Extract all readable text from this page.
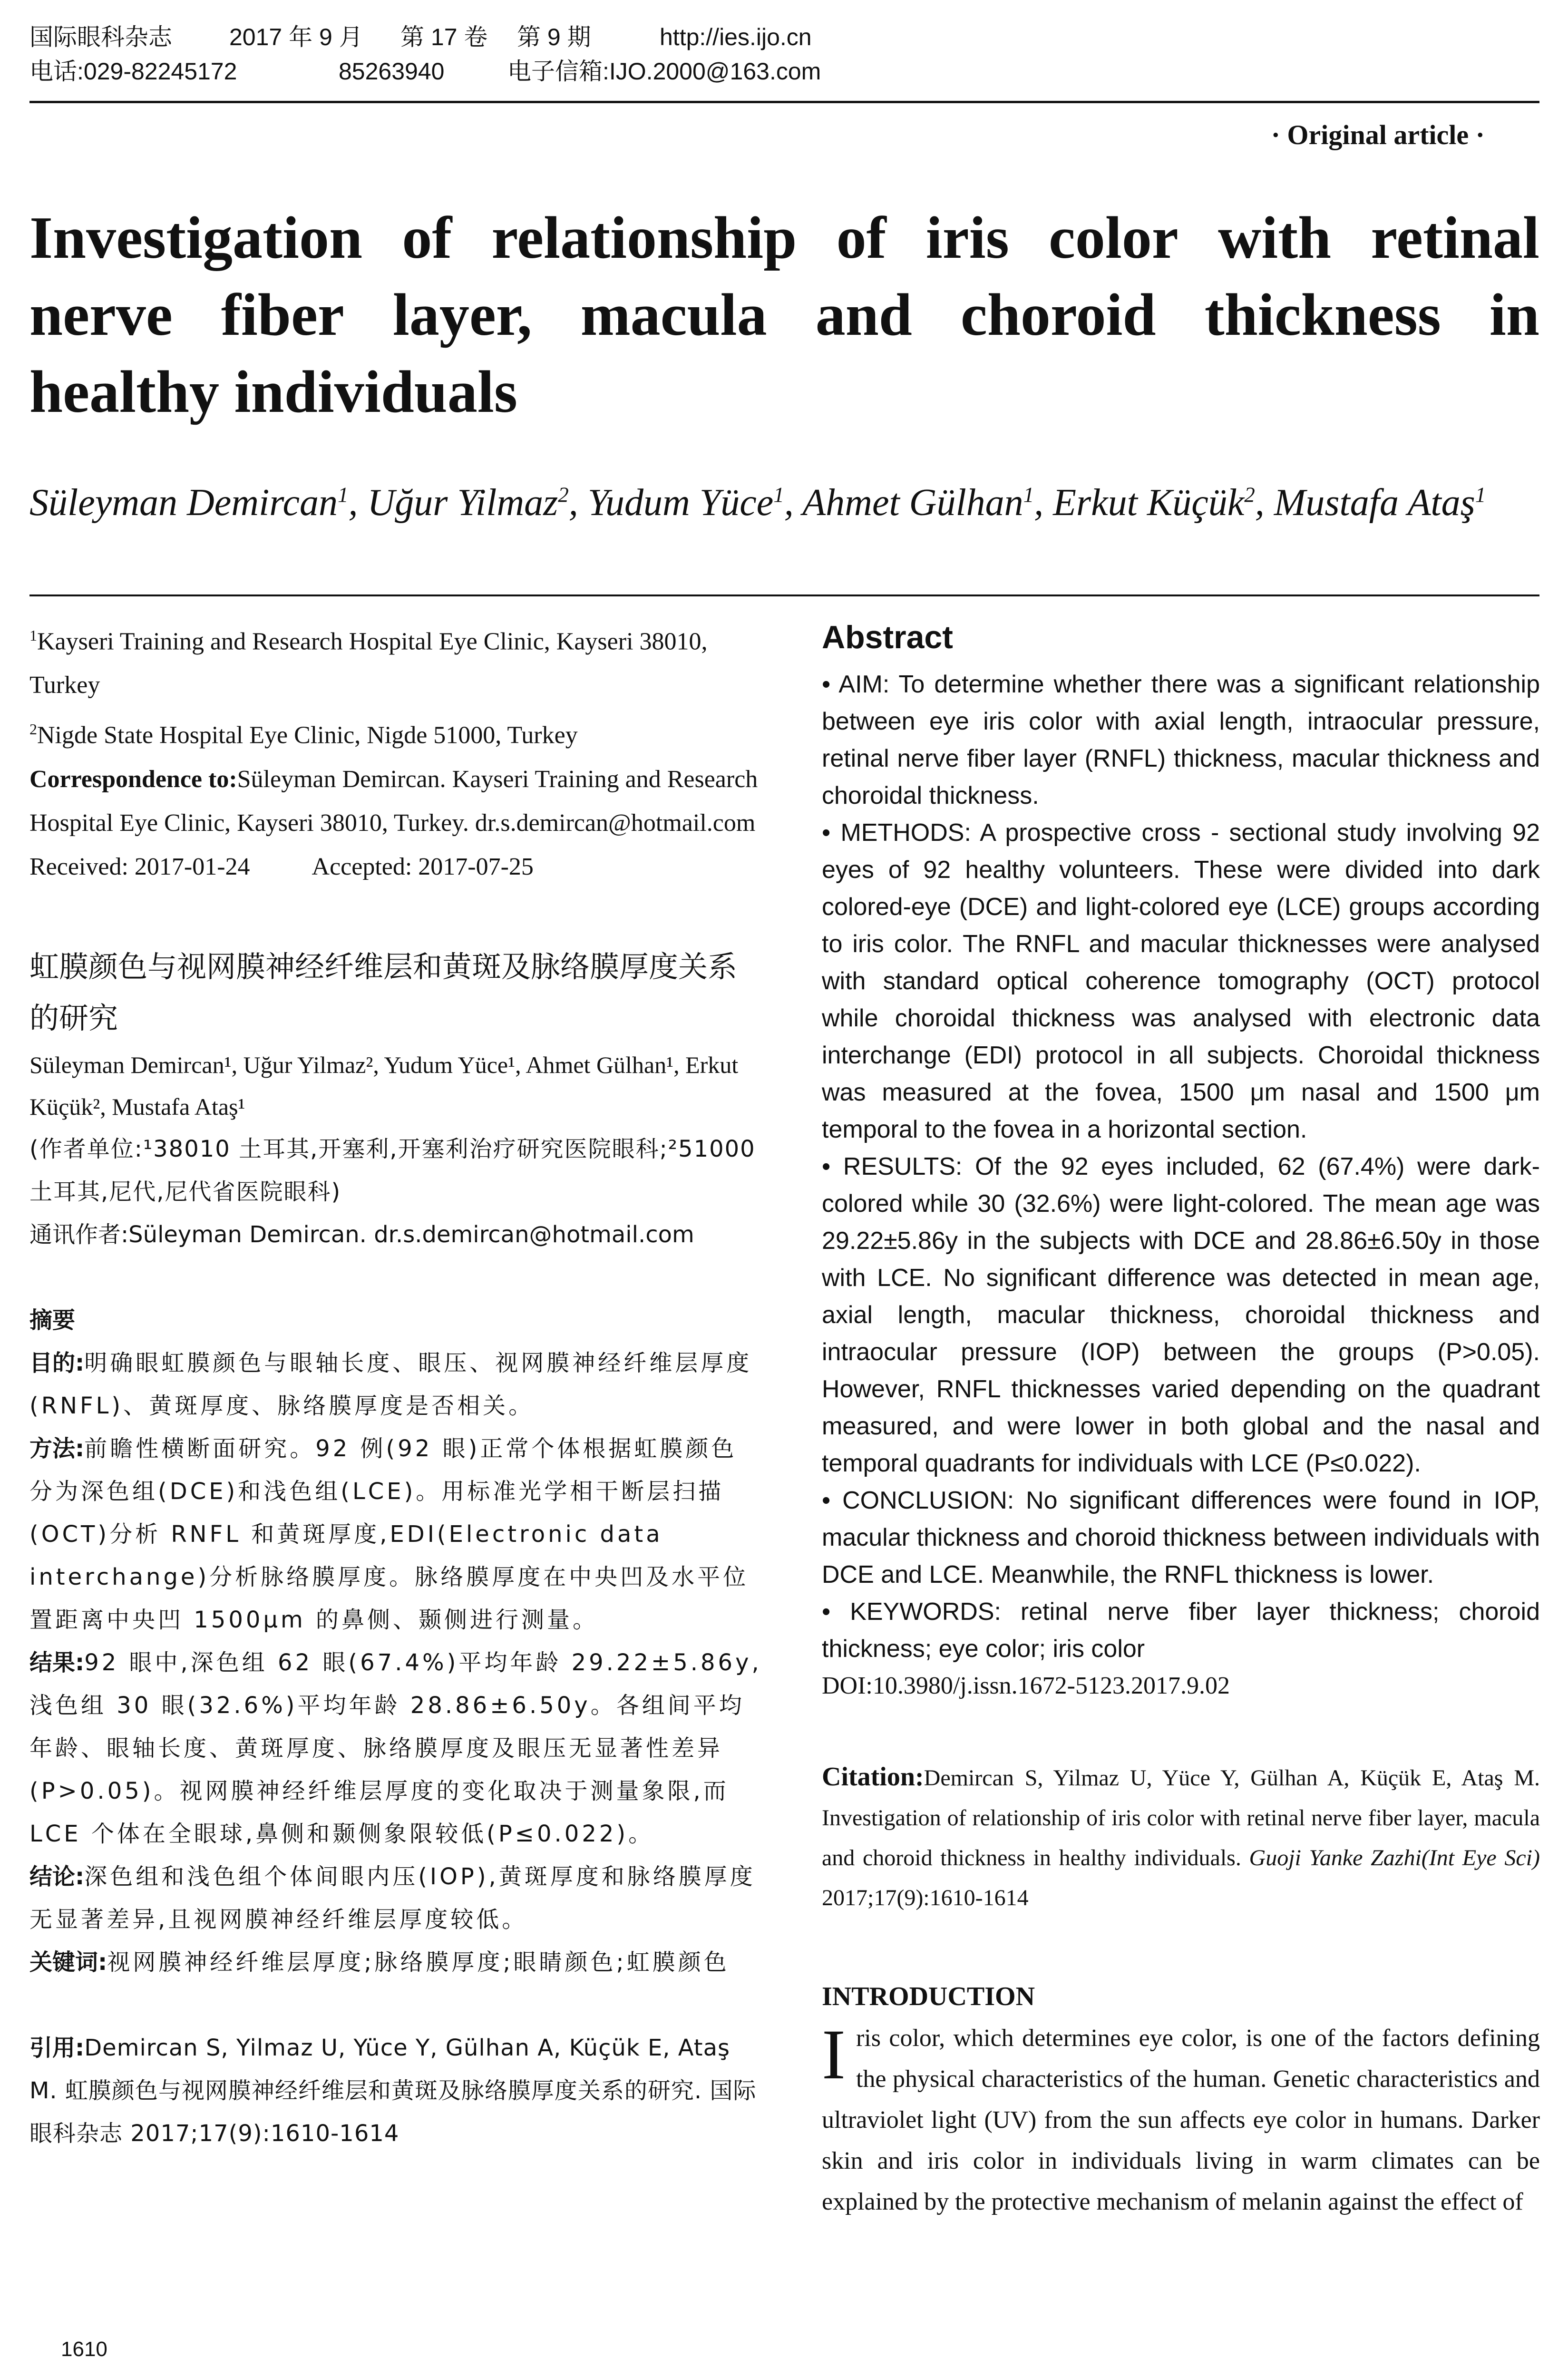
国际眼科杂志	2017 年 9 月	第 17 卷	第 9 期	http://ies.ijo.cn
电话:029-82245172	85263940	电子信箱:IJO.2000@163.com
· Original article ·
Investigation of relationship of iris color with retinal
nerve fiber layer, macula and choroid thickness in
healthy individuals
Süleyman Demircan$^1$, Uğur Yilmaz$^2$, Yudum Yüce$^1$, Ahmet Gülhan$^1$, Erkut Küçük$^2$, Mustafa Ataş$^1$

$^1$Kayseri Training and Research Hospital Eye Clinic, Kayseri 38010, Turkey

$^2$Nigde State Hospital Eye Clinic, Nigde 51000, Turkey

Correspondence to:Süleyman Demircan. Kayseri Training and Research Hospital Eye Clinic, Kayseri 38010, Turkey. dr.s.demircan@hotmail.com

Received: 2017-01-24	Accepted: 2017-07-25

虹膜颜色与视网膜神经纤维层和黄斑及脉络膜厚度关系的研究

Süleyman Demircan¹, Uğur Yilmaz², Yudum Yüce¹, Ahmet Gülhan¹, Erkut Küçük², Mustafa Ataş¹

(作者单位:¹38010 土耳其,开塞利,开塞利治疗研究医院眼科;²51000 土耳其,尼代,尼代省医院眼科)

通讯作者:Süleyman Demircan. dr.s.demircan@hotmail.com

摘要

目的:明确眼虹膜颜色与眼轴长度、眼压、视网膜神经纤维层厚度(RNFL)、黄斑厚度、脉络膜厚度是否相关。

方法:前瞻性横断面研究。92 例(92 眼)正常个体根据虹膜颜色分为深色组(DCE)和浅色组(LCE)。用标准光学相干断层扫描(OCT)分析 RNFL 和黄斑厚度,EDI(Electronic data interchange)分析脉络膜厚度。脉络膜厚度在中央凹及水平位置距离中央凹 1500μm 的鼻侧、颞侧进行测量。

结果:92 眼中,深色组 62 眼(67.4%)平均年龄 29.22±5.86y,浅色组 30 眼(32.6%)平均年龄 28.86±6.50y。各组间平均年龄、眼轴长度、黄斑厚度、脉络膜厚度及眼压无显著性差异(P>0.05)。视网膜神经纤维层厚度的变化取决于测量象限,而 LCE 个体在全眼球,鼻侧和颞侧象限较低(P≤0.022)。

结论:深色组和浅色组个体间眼内压(IOP),黄斑厚度和脉络膜厚度无显著差异,且视网膜神经纤维层厚度较低。

关键词:视网膜神经纤维层厚度;脉络膜厚度;眼睛颜色;虹膜颜色

引用:Demircan S, Yilmaz U, Yüce Y, Gülhan A, Küçük E, Ataş M. 虹膜颜色与视网膜神经纤维层和黄斑及脉络膜厚度关系的研究. 国际眼科杂志 2017;17(9):1610-1614

Abstract

• AIM: To determine whether there was a significant relationship between eye iris color with axial length, intraocular pressure, retinal nerve fiber layer (RNFL) thickness, macular thickness and choroidal thickness.

• METHODS: A prospective cross - sectional study involving 92 eyes of 92 healthy volunteers. These were divided into dark colored-eye (DCE) and light-colored eye (LCE) groups according to iris color. The RNFL and macular thicknesses were analysed with standard optical coherence tomography (OCT) protocol while choroidal thickness was analysed with electronic data interchange (EDI) protocol in all subjects. Choroidal thickness was measured at the fovea, 1500 μm nasal and 1500 μm temporal to the fovea in a horizontal section.

• RESULTS: Of the 92 eyes included, 62 (67.4%) were dark-colored while 30 (32.6%) were light-colored. The mean age was 29.22±5.86y in the subjects with DCE and 28.86±6.50y in those with LCE. No significant difference was detected in mean age, axial length, macular thickness, choroidal thickness and intraocular pressure (IOP) between the groups (P>0.05). However, RNFL thicknesses varied depending on the quadrant measured, and were lower in both global and the nasal and temporal quadrants for individuals with LCE (P≤0.022).

• CONCLUSION: No significant differences were found in IOP, macular thickness and choroid thickness between individuals with DCE and LCE. Meanwhile, the RNFL thickness is lower.

• KEYWORDS: retinal nerve fiber layer thickness; choroid thickness; eye color; iris color

DOI:10.3980/j.issn.1672-5123.2017.9.02

Citation:Demircan S, Yilmaz U, Yüce Y, Gülhan A, Küçük E, Ataş M. Investigation of relationship of iris color with retinal nerve fiber layer, macula and choroid thickness in healthy individuals. Guoji Yanke Zazhi(Int Eye Sci) 2017;17(9):1610-1614

INTRODUCTION

Iris color, which determines eye color, is one of the factors defining the physical characteristics of the human. Genetic characteristics and ultraviolet light (UV) from the sun affects eye color in humans. Darker skin and iris color in individuals living in warm climates can be explained by the protective mechanism of melanin against the effect of

1610
